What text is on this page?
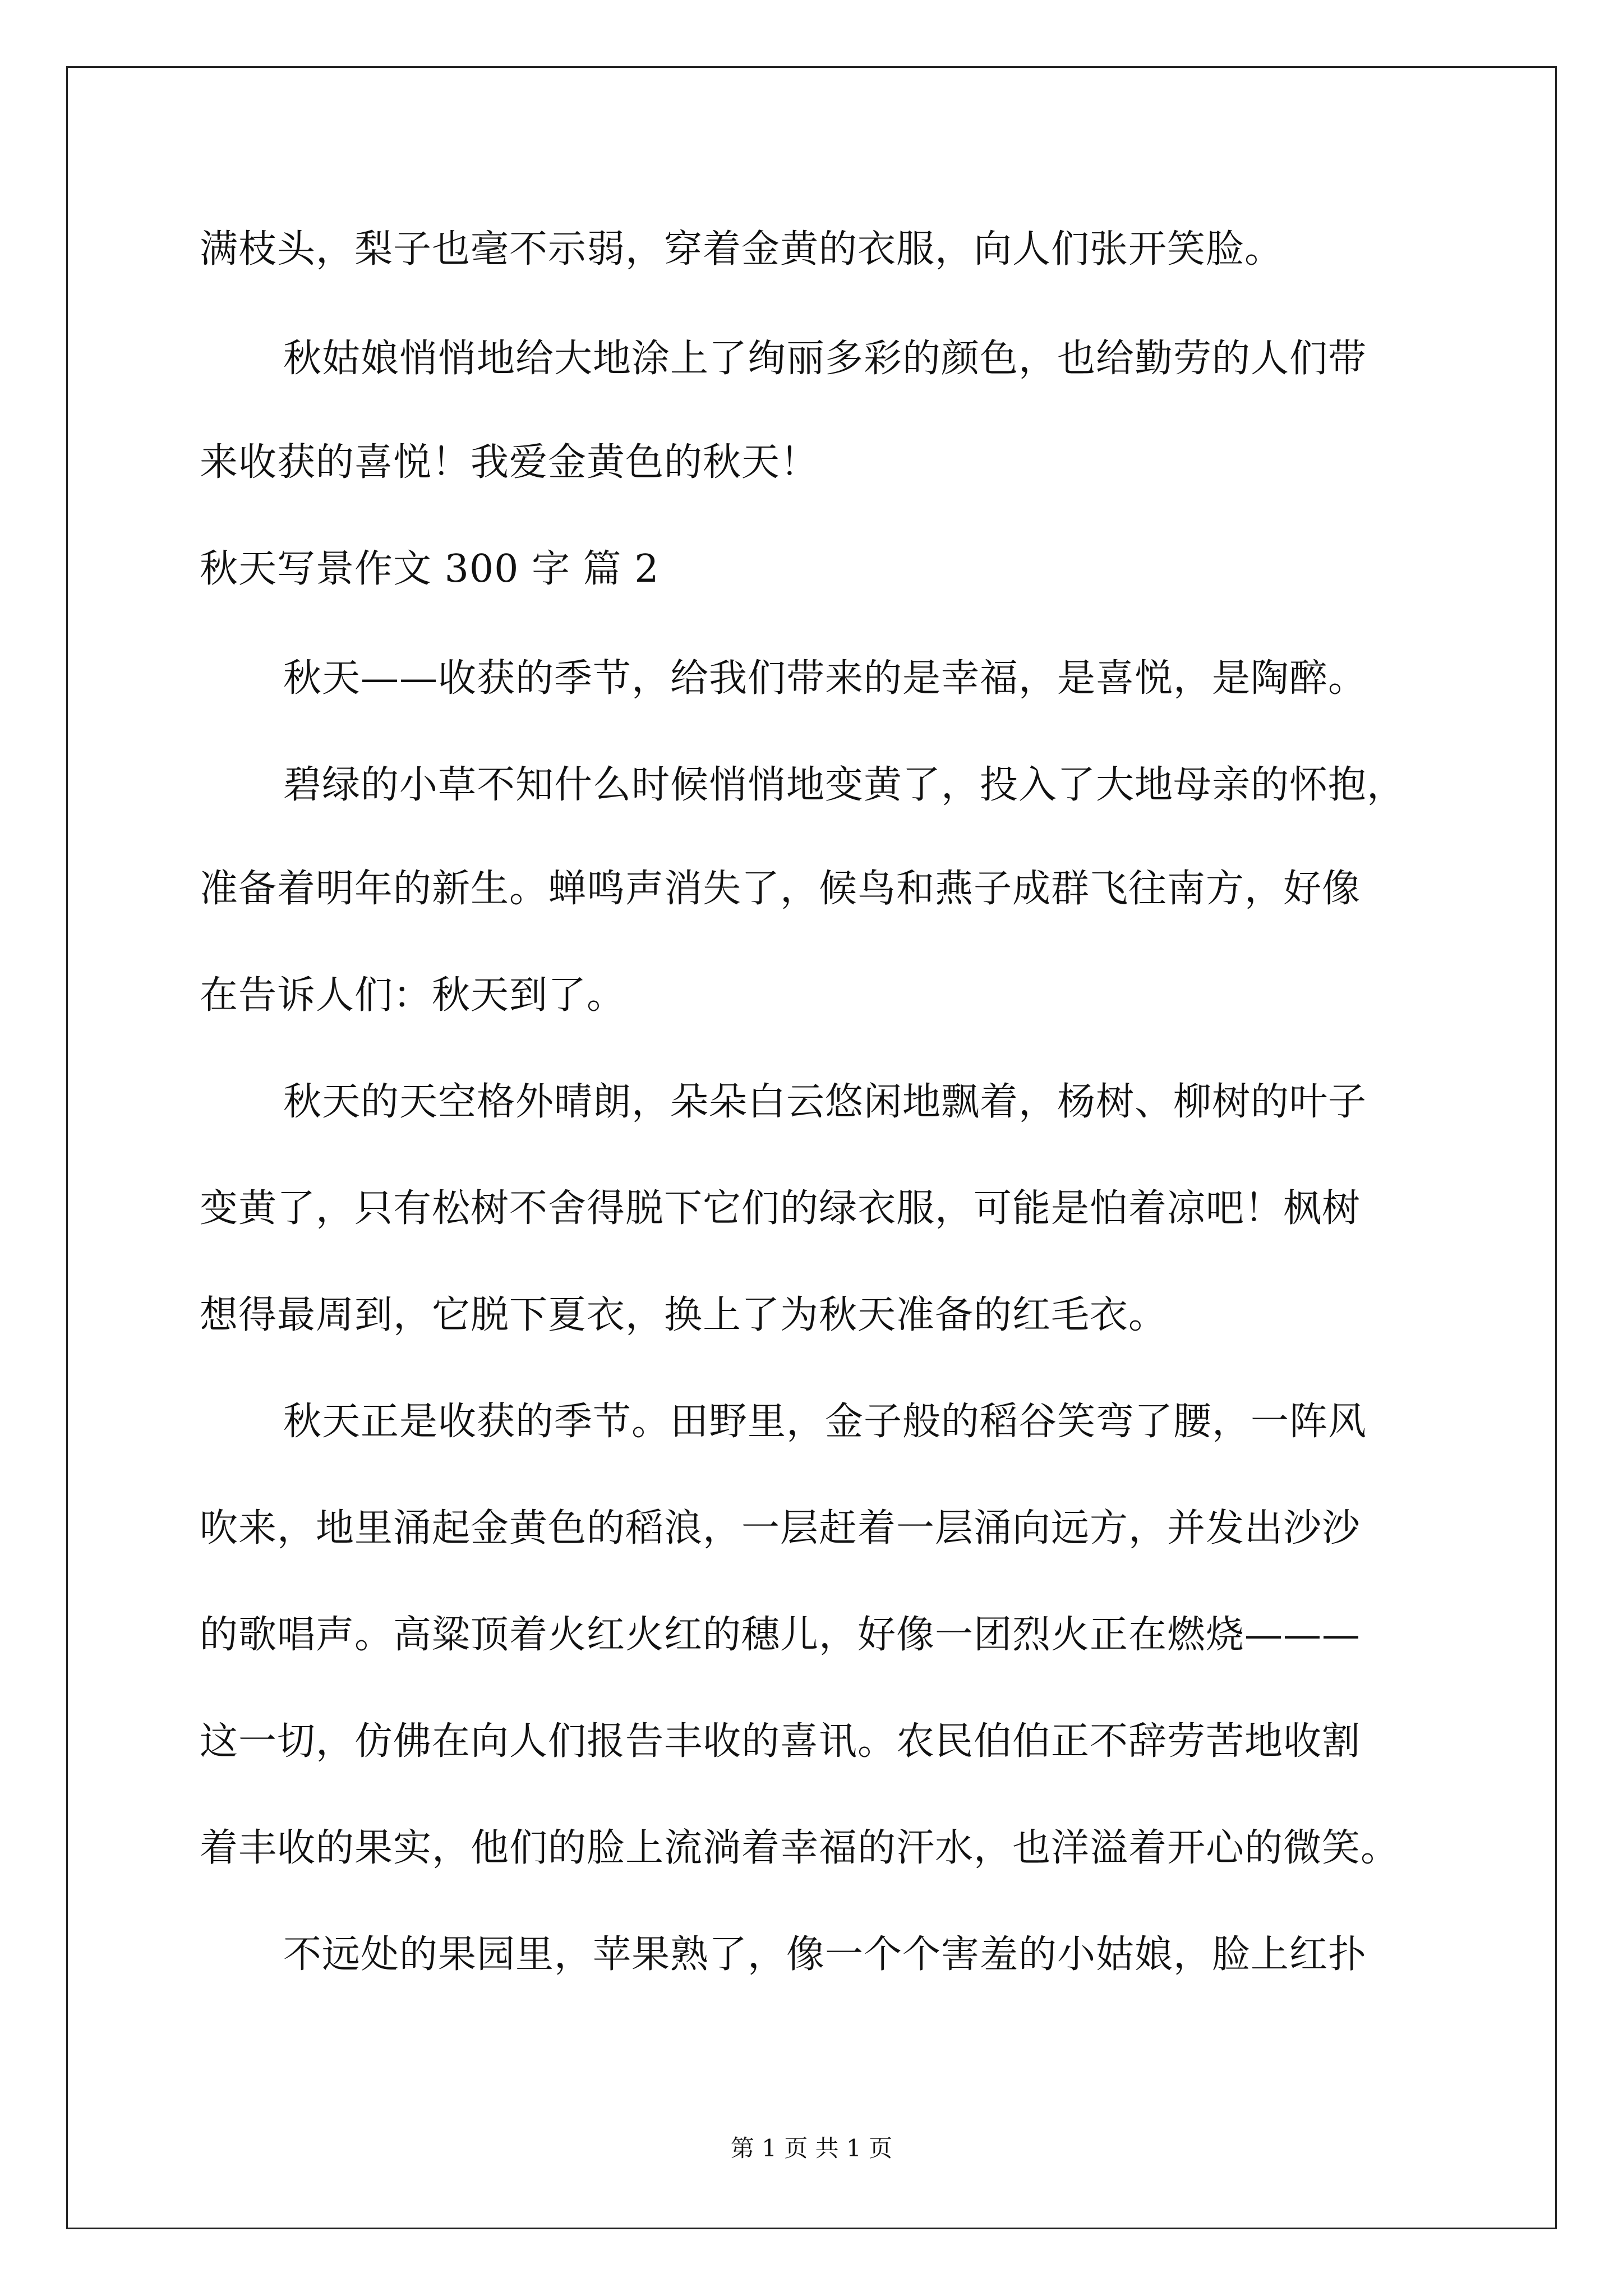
满枝头，梨子也毫不示弱，穿着金黄的衣服，向人们张开笑脸。
秋姑娘悄悄地给大地涂上了绚丽多彩的颜色，也给勤劳的人们带
来收获的喜悦！我爱金黄色的秋天！
秋天写景作文 300 字 篇 2
秋天——收获的季节，给我们带来的是幸福，是喜悦，是陶醉。
碧绿的小草不知什么时候悄悄地变黄了，投入了大地母亲的怀抱，
准备着明年的新生。蝉鸣声消失了，候鸟和燕子成群飞往南方，好像
在告诉人们：秋天到了。
秋天的天空格外晴朗，朵朵白云悠闲地飘着，杨树、柳树的叶子
变黄了，只有松树不舍得脱下它们的绿衣服，可能是怕着凉吧！枫树
想得最周到，它脱下夏衣，换上了为秋天准备的红毛衣。
秋天正是收获的季节。田野里，金子般的稻谷笑弯了腰，一阵风
吹来，地里涌起金黄色的稻浪，一层赶着一层涌向远方，并发出沙沙
的歌唱声。高粱顶着火红火红的穗儿，好像一团烈火正在燃烧———
这一切，仿佛在向人们报告丰收的喜讯。农民伯伯正不辞劳苦地收割
着丰收的果实，他们的脸上流淌着幸福的汗水，也洋溢着开心的微笑。
不远处的果园里，苹果熟了，像一个个害羞的小姑娘，脸上红扑
第 1 页 共 1 页
